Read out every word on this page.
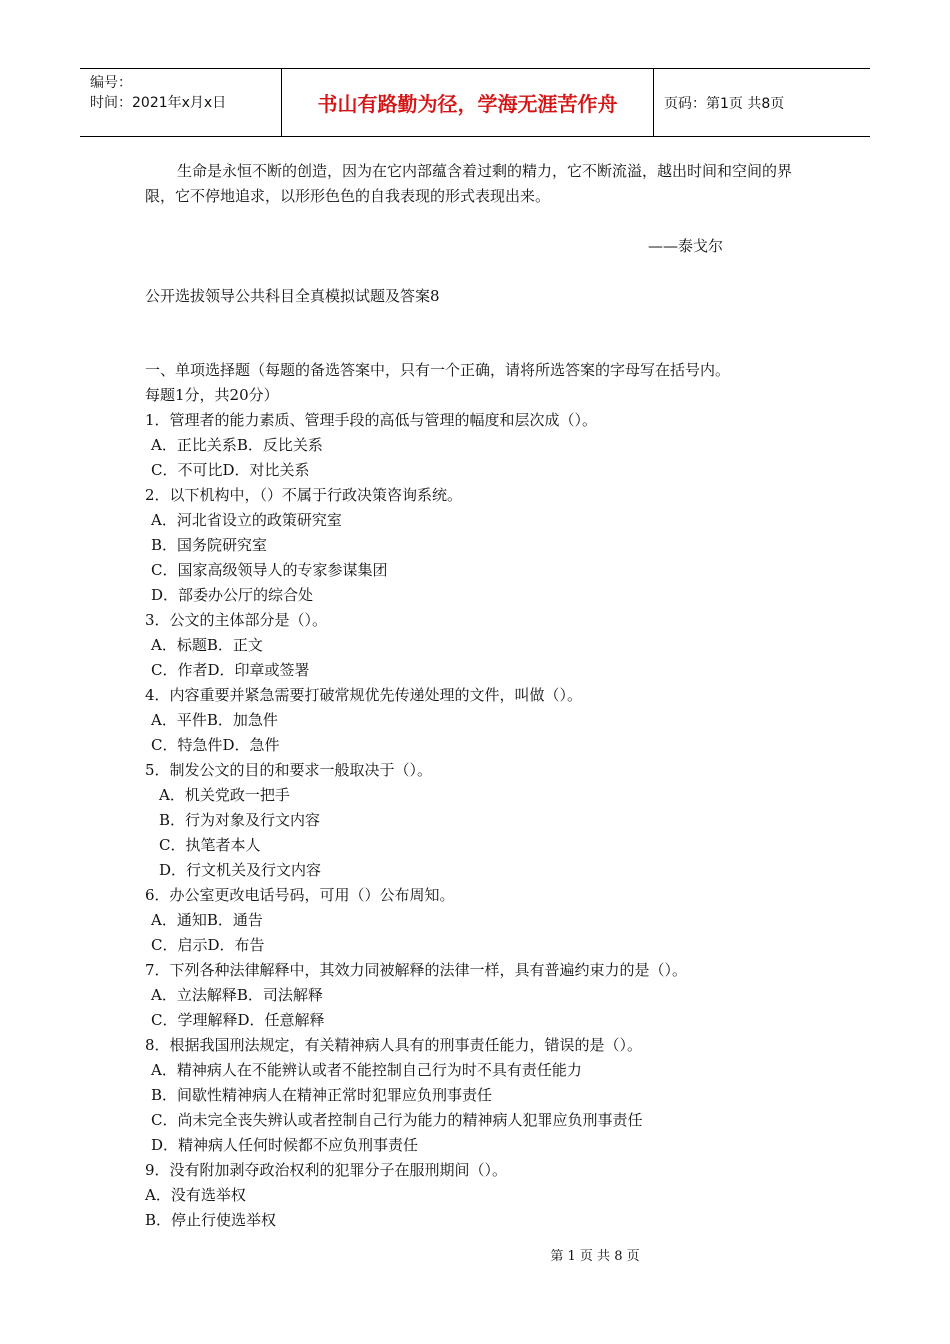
编号：
时间：2021年x月x日	书山有路勤为径，学海无涯苦作舟	页码：第1页 共8页

生命是永恒不断的创造，因为在它内部蕴含着过剩的精力，它不断流溢，越出时间和空间的界限，它不停地追求，以形形色色的自我表现的形式表现出来。

——泰戈尔

公开选拔领导公共科目全真模拟试题及答案8

一、单项选择题（每题的备选答案中，只有一个正确，请将所选答案的字母写在括号内。

每题1分，共20分）

1．管理者的能力素质、管理手段的高低与管理的幅度和层次成（）。

A．正比关系B．反比关系

C．不可比D．对比关系

2．以下机构中，（）不属于行政决策咨询系统。

A．河北省设立的政策研究室

B．国务院研究室

C．国家高级领导人的专家参谋集团

D．部委办公厅的综合处

3．公文的主体部分是（）。

A．标题B．正文

C．作者D．印章或签署

4．内容重要并紧急需要打破常规优先传递处理的文件，叫做（）。

A．平件B．加急件

C．特急件D．急件

5．制发公文的目的和要求一般取决于（）。

A．机关党政一把手

B．行为对象及行文内容

C．执笔者本人

D．行文机关及行文内容

6．办公室更改电话号码，可用（）公布周知。

A．通知B．通告

C．启示D．布告

7．下列各种法律解释中，其效力同被解释的法律一样，具有普遍约束力的是（）。

A．立法解释B．司法解释

C．学理解释D．任意解释

8．根据我国刑法规定，有关精神病人具有的刑事责任能力，错误的是（）。

A．精神病人在不能辨认或者不能控制自己行为时不具有责任能力

B．间歇性精神病人在精神正常时犯罪应负刑事责任

C．尚未完全丧失辨认或者控制自己行为能力的精神病人犯罪应负刑事责任

D．精神病人任何时候都不应负刑事责任

9．没有附加剥夺政治权利的犯罪分子在服刑期间（）。

A．没有选举权

B．停止行使选举权

第 1 页 共 8 页
